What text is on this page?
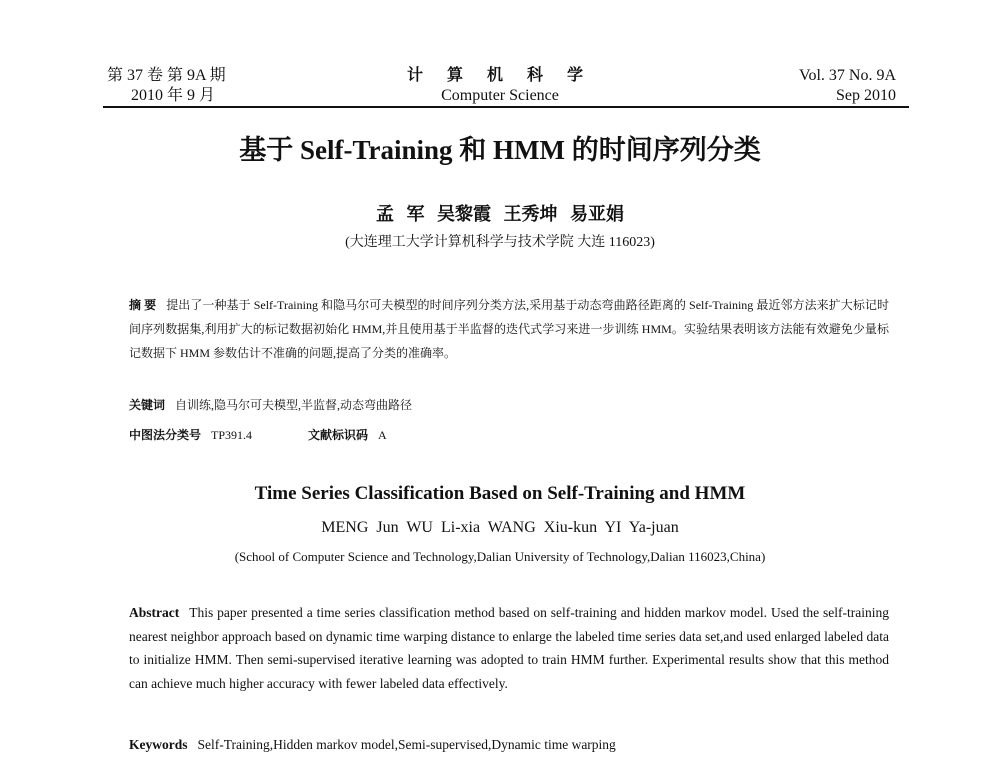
第 37 卷 第 9A 期
2010 年 9 月
计 算 机 科 学
Computer Science
Vol. 37 No. 9A
Sep 2010
基于 Self-Training 和 HMM 的时间序列分类
孟 军 吴黎霞 王秀坤 易亚娟
(大连理工大学计算机科学与技术学院 大连 116023)
摘 要 提出了一种基于 Self-Training 和隐马尔可夫模型的时间序列分类方法,采用基于动态弯曲路径距离的 Self-Training 最近邻方法来扩大标记时间序列数据集,利用扩大的标记数据初始化 HMM,并且使用基于半监督的迭代式学习来进一步训练 HMM。实验结果表明该方法能有效避免少量标记数据下 HMM 参数估计不准确的问题,提高了分类的准确率。
关键词 自训练,隐马尔可夫模型,半监督,动态弯曲路径
中图法分类号 TP391.4	文献标识码 A
Time Series Classification Based on Self-Training and HMM
MENG Jun WU Li-xia WANG Xiu-kun YI Ya-juan
(School of Computer Science and Technology,Dalian University of Technology,Dalian 116023,China)
Abstract This paper presented a time series classification method based on self-training and hidden markov model. Used the self-training nearest neighbor approach based on dynamic time warping distance to enlarge the labeled time series data set,and used enlarged labeled data to initialize HMM. Then semi-supervised iterative learning was adopted to train HMM further. Experimental results show that this method can achieve much higher accuracy with fewer labeled data effectively.
Keywords Self-Training,Hidden markov model,Semi-supervised,Dynamic time warping
